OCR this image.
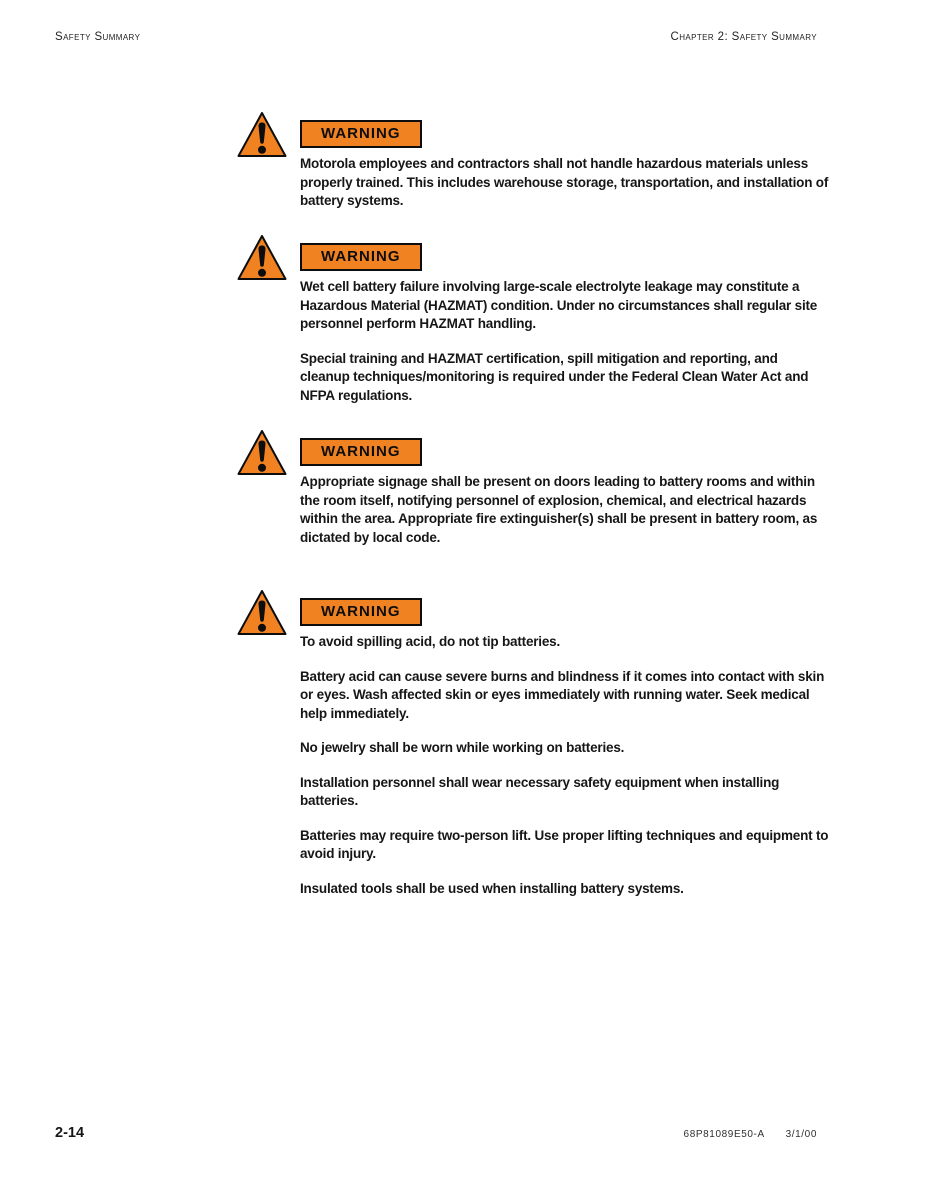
Safety Summary	Chapter 2: Safety Summary
WARNING

Motorola employees and contractors shall not handle hazardous materials unless properly trained. This includes warehouse storage, transportation, and installation of battery systems.

WARNING

Wet cell battery failure involving large-scale electrolyte leakage may constitute a Hazardous Material (HAZMAT) condition. Under no circumstances shall regular site personnel perform HAZMAT handling.

Special training and HAZMAT certification, spill mitigation and reporting, and cleanup techniques/monitoring is required under the Federal Clean Water Act and NFPA regulations.

WARNING

Appropriate signage shall be present on doors leading to battery rooms and within the room itself, notifying personnel of explosion, chemical, and electrical hazards within the area. Appropriate fire extinguisher(s) shall be present in battery room, as dictated by local code.

WARNING

To avoid spilling acid, do not tip batteries.

Battery acid can cause severe burns and blindness if it comes into contact with skin or eyes. Wash affected skin or eyes immediately with running water. Seek medical help immediately.

No jewelry shall be worn while working on batteries.

Installation personnel shall wear necessary safety equipment when installing batteries.

Batteries may require two-person lift. Use proper lifting techniques and equipment to avoid injury.

Insulated tools shall be used when installing battery systems.

2-14	68P81089E50-A 3/1/00
